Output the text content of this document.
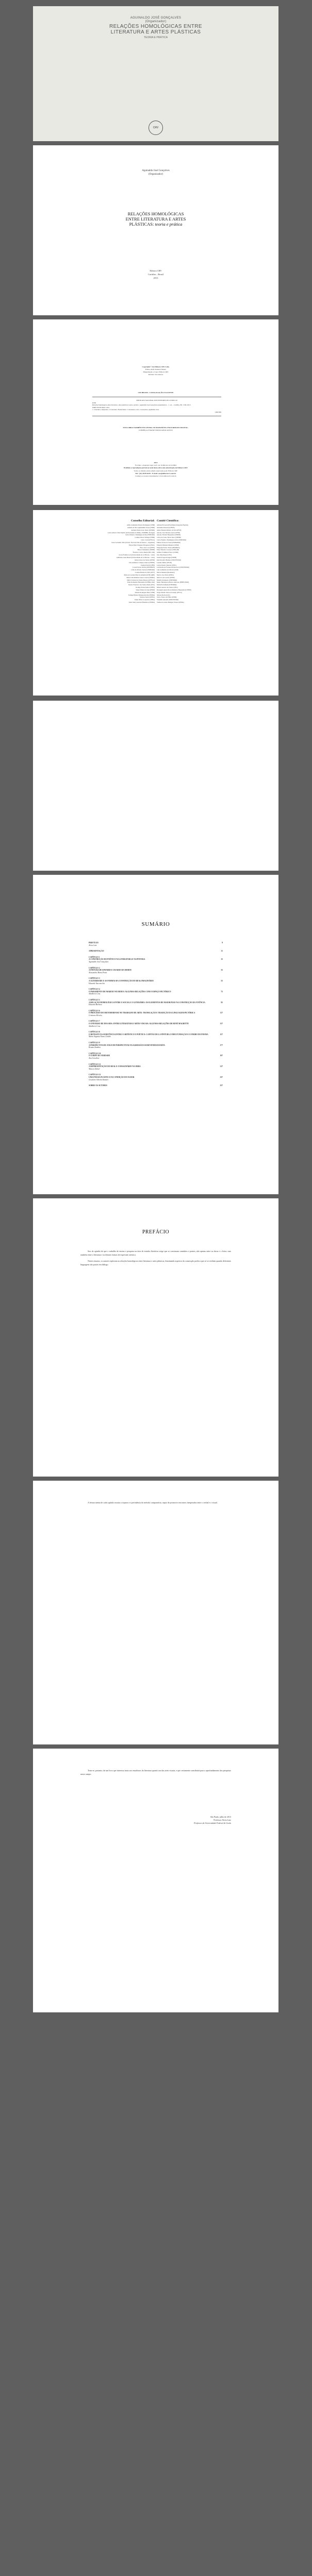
AGUINALDO JOSÉ GONÇALVES
(Organizador)
RELAÇÕES HOMOLÓGICAS ENTRE
LITERATURA E ARTES PLÁSTICAS
TEORIA E PRÁTICA
CRV
Aguinaldo José Gonçalves
(Organizador)
RELAÇÕES HOMOLÓGICAS
ENTRE LITERATURA E ARTES
PLÁSTICAS: teoria e prática
Editora CRV
Curitiba – Brasil
2013
Copyright © da Editora CRV Ltda.
Editor-chefe: Railson Moura
Diagramação e Capa: Editora CRV
Revisão: Os Autores
CIP-BRASIL. CATALOGAÇÃO-NA-FONTE
SINDICATO NACIONAL DOS EDITORES DE LIVROS, RJ
R338
Relações homológicas entre literatura e artes plásticas: teoria e prática / Aguinaldo José Gonçalves (organizador). – 1. ed. – Curitiba, PR : CRV, 2013.
ISBN 978-85-8042-718-9
1. Literatura comparada. 2. Literatura. Plasticidade. 3. Literatura e arte. I. Gonçalves, Aguinaldo José.
CDD 809
ESTA OBRA TAMBÉM ENCONTRA-SE DISPONÍVEL EM FORMATO DIGITAL.
CONHEÇA E BAIXE NOSSO APLICATIVO!
2013
Foi feito o depósito legal conf. Lei 10.994 de 14/12/2004
Proibida a reprodução parcial ou total desta obra sem autorização da Editora CRV
Todos os direitos desta edição reservados pela: Editora CRV
Tel.: (41) 3039-6418 - E-mail: sac@editoracrv.com.br
Conheça os nossos lançamentos: www.editoracrv.com.br
Conselho Editorial:
Aldira Guimarães Duarte Domínguez (UNB)
Andréia da Silva Quintanilha Sousa (UNIR)
Antônio Pereira Gaio Júnior (UFRRJ)
Carlos Alberto Vilar Estêvão (Universidade do Minho, UMINHO, Portugal)
Carlos Federico Dominguez Avila (UNIEURO)
Carmen Tereza Velanga (UNIR)
Celso Conti (UFSCar)
Cesar Gerónimo Tello (Univer. Nacional Três de Febrero – Argentina)
Elione Maria Nogueira Diogenes (UFAL)
Élsio José Corá (UFFS)
Elizeu Clementino (UNEB)
Francisco Carlos Duarte (PUC-PR)
Gloria Fariñas León (Universidade de La Havana – Cuba)
Guillermo Arias Beatón (Universidade de La Havana – Cuba)
Jailson Alves dos Santos (UFRJ)
João Adalberto Campato Junior (UNESP)
Josania Portela (UFPI)
Leonel Severo Rocha (UNISINOS)
Lídia de Oliveira Xavier (UNIEURO)
Lourdes Helena da Silva (UFV)
Maria de Lourdes Pinto de Almeida (UNICAMP)
Maria Lília Imbiriba Sousa Colares (UFOPA)
Maria Cristina dos Santos Bezerra (UFSCar)
Paulo Romualdo Hernandes (UNIFAL-MG)
Renato Francisco dos Santos Paula (UFG)
Rodrigo Pratte-Santos (UFES)
Sérgio Nunes de Jesus (IFRO)
Simone Rodrigues Pinto (UNB)
Solange Helena Ximenes-Rocha (UFOPA)
Sydione Santos (UEPG)
Tadeu Oliver Gonçalves (UFPA)
Tania Suely Azevedo Brasileiro (UFOPA)
Comitê Científico:
Adriane Piovezan (Faculdades Integradas Espírita)
Alexandre Pierezan (UFMS)
Andre Eduardo Ribeiro da Silva (IFSP)
Antonio Jose Teixeira Guerra (UFRJ)
Antonio Nivaldo Hespanhol (UNESP)
Carlos de Castro Neves Neto (UNESP)
Carlos Federico Dominguez Avila (UNIEURO)
Edilson Soares de Souza (FABAPAR)
Eduardo Pimentel Menezes (UERJ)
Euripedes Falcao Vieira (IHGRRGS)
Fabio Eduardo Cressoni (UNILAB)
Gilmara Yoshihara Franco (UNIR)
Jairo Marchesan (UNC)
Jussara Fraga Portugal (UNEB)
Karla Rosário Brumes (UNICENTRO)
Leandro Baller (UFGD)
Leticia Pereira Teixeira (UFSC)
Luciana Rosar Fornazari Klanovicz (UNICENTRO)
Luiz Guilherme de Oliveira (UnB)
Marcel Mendes (Mackenzie)
Marcio Jose Ornat (UEPG)
Marcio Luiz Carreri (UENP)
Maurilio Rompatto (UNESPAR)
Mauro Henrique de Barros Amoroso (FEBF/UERJ)
Michel Kobelinski (UNESPAR)
Rafael Guarato dos Santos (UFG)
Rosangela Aparecida de Medeiros Hespanhol (UNESP)
Sergio Murilo Santos de Araújo (UFCG)
Simone Rocha (UnC)
Sylvio Fausto Gil Filho (UFPR)
Valdemir Antoneli (UNICENTRO)
Venilson Luciano Benigno Fonseca (IFMG)
SUMÁRIO
PREFÁCIO	9
Alceu Luiz
APRESENTAÇÃO	11
CAPÍTULO 1
A CONSTRUÇÃO DO POÉTICO NA LITERATURA E NA PINTURA	15
Aguinaldo José Gonçalves
CAPÍTULO 2
A PINTURA DE EDWARD E CESARIO DA MORTE	35
Alessandra Maria Ponte
CAPÍTULO 3
A ALTERIDADE E AS FORMAS DA CONSTRUÇÃO DO REAL/IMAGINÁRIO	55
Eduardo Vasconcelos
CAPÍTULO 4
O PARAMENTO DE MAIRÃO NO DEDE E ALGUMAS RELAÇÕES COM O ESPAÇO PICTÓRICO	75
Adalberto Cruz
CAPÍTULO 5
A RELAÇÃO HOMOLÓGICA ENTRE O SOCIAL E O LITERÁRIO: OS ELEMENTOS DE MAIOR PESO NA CONSTRUÇÃO DA VIVÊNCIA	95
Eduardo Barbosa
CAPÍTULO 6
O PROCESSO DO METAMORFOSE NO TRABALHO DE ARTE: TRANSLAÇÃO E TRADUÇÃO DA LINGUAGEM PICTÓRICA	117
Cristiano Silveira
CAPÍTULO 7
O UNIVERSO DE DOS SEIS: ENTRE LITERATURA E ARTES VISUAIS. ALGUMAS RELAÇÕES DE RENÉ MAGRITTE	137
Adalberto Cruz
CAPÍTULO 8
O RETRATO NA SUBSTÂNCIA ENTRE O ARTÍSTICO E POÉTICO: CAPITÃO DE LA PINTURA COMO FUNDAÇÃO E O FERRO DO POEMA	157
Maria Augusta Nunes Galvão
CAPÍTULO 9
A PERSPECTIVA DO JOGO DE PERSPECTIVAS NA AGRESSÃO ESCREVENDO/ESCRITA	177
Renata Zambon
CAPÍTULO 10
O CORPO DA VERDADE	197
Ana Gessilene
CAPÍTULO 11
A REPRESENTAÇÃO DO REAL E O IMAGINÁRIO NA OBRA	217
Marcos Sobral
CAPÍTULO 12
UMA POESIA PLÁSTICA NA CONDIÇÃO DO OLHAR	237
Gessilene Silveira Kanzler
SOBRE OS AUTORES	257
PREFÁCIO

Sou da opinião de que o trabalho de ensino e pesquisa na área de estudos literários exige que se construam caminhos e pontes, não apenas entre as obras e o leitor, mas também entre a literatura e as demais formas de expressão artística.

Nestes ensaios, os autores exploram as relações homológicas entre literatura e artes plásticas, iluminando aspectos da construção poética que só se revelam quando diferentes linguagens são postas em diálogo.

A leitura atenta de cada capítulo mostra a riqueza e a pertinência do método comparatista, capaz de promover encontros inesperados entre o verbal e o visual.

Trata-se, portanto, de um livro que interessa tanto aos estudiosos da literatura quanto aos das artes visuais, e que certamente contribuirá para o aprofundamento das pesquisas nesse campo.

São Paulo, julho de 2013
Professor Alceu Luiz
Professor da Universidade Federal de Goiás
